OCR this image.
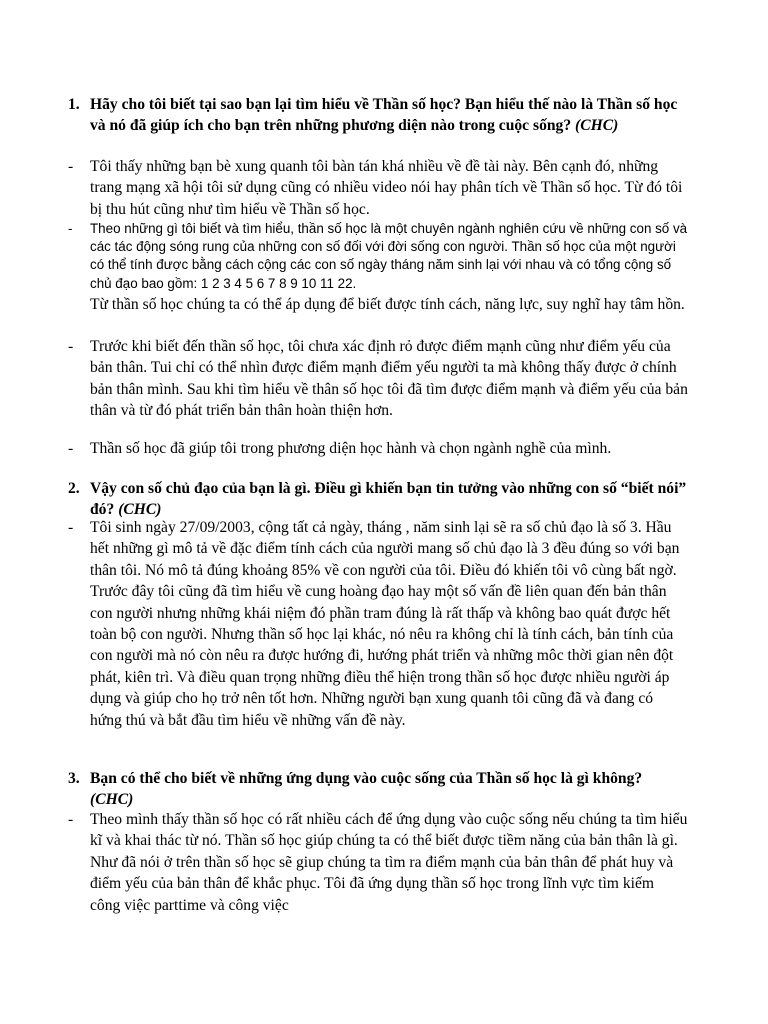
1. Hãy cho tôi biết tại sao bạn lại tìm hiểu về Thần số học? Bạn hiểu thế nào là Thần số học và nó đã giúp ích cho bạn trên những phương diện nào trong cuộc sống? (CHC)
- Tôi thấy những bạn bè xung quanh tôi bàn tán khá nhiều về đề tài này. Bên cạnh đó, những trang mạng xã hội tôi sử dụng cũng có nhiều video nói hay phân tích về Thần số học. Từ đó tôi bị thu hút cũng như tìm hiểu về Thần số học.
- Theo những gì tôi biết và tìm hiểu, thần số học là một chuyên ngành nghiên cứu về những con số và các tác động sóng rung của những con số đối với đời sống con người. Thần số học của một người có thể tính được bằng cách cộng các con số ngày tháng năm sinh lại với nhau và có tổng cộng số chủ đạo bao gồm: 1 2 3 4 5 6 7 8 9 10 11 22.
Từ thần số học chúng ta có thể áp dụng để biết được tính cách, năng lực, suy nghĩ hay tâm hồn.
- Trước khi biết đến thần số học, tôi chưa xác định rỏ được điểm mạnh cũng như điểm yếu của bản thân. Tui chỉ có thể nhìn được điểm mạnh điểm yếu người ta mà không thấy được ở chính bản thân mình. Sau khi tìm hiểu về thân số học tôi đã tìm được điểm mạnh và điểm yếu của bản thân và từ đó phát triển bản thân hoàn thiện hơn.
- Thần số học đã giúp tôi trong phương diện học hành và chọn ngành nghề của mình.
2. Vậy con số chủ đạo của bạn là gì. Điều gì khiến bạn tin tưởng vào những con số “biết nói” đó? (CHC)
- Tôi sinh ngày 27/09/2003, cộng tất cả ngày, tháng , năm sinh lại sẽ ra số chủ đạo là số 3. Hầu hết những gì mô tả về đặc điểm tính cách của người mang số chủ đạo là 3 đều đúng so với bạn thân tôi. Nó mô tả đúng khoảng 85% về con người của tôi. Điều đó khiến tôi vô cùng bất ngờ. Trước đây tôi cũng đã tìm hiểu về cung hoàng đạo hay một số vấn đề liên quan đến bản thân con người nhưng những khái niệm đó phần tram đúng là rất thấp và không bao quát được hết toàn bộ con người. Nhưng thần số học lại khác, nó nêu ra không chỉ là tính cách, bản tính của con người mà nó còn nêu ra được hướng đi, hướng phát triển và những môc thời gian nên đột phát, kiên trì. Và điều quan trọng những điều thể hiện trong thần số học được nhiều người áp dụng và giúp cho họ trở nên tốt hơn. Những người bạn xung quanh tôi cũng đã và đang có hứng thú và bắt đầu tìm hiểu về những vấn đề này.
3. Bạn có thể cho biết về những ứng dụng vào cuộc sống của Thần số học là gì không? (CHC)
- Theo mình thấy thần số học có rất nhiều cách để ứng dụng vào cuộc sống nếu chúng ta tìm hiểu kĩ và khai thác từ nó. Thần số học giúp chúng ta có thể biết được tiềm năng của bản thân là gì. Như đã nói ở trên thần số học sẽ giup chúng ta tìm ra điểm mạnh của bản thân để phát huy và điểm yếu của bản thân để khắc phục. Tôi đã ứng dụng thần số học trong lĩnh vực tìm kiếm công việc parttime và công việc
